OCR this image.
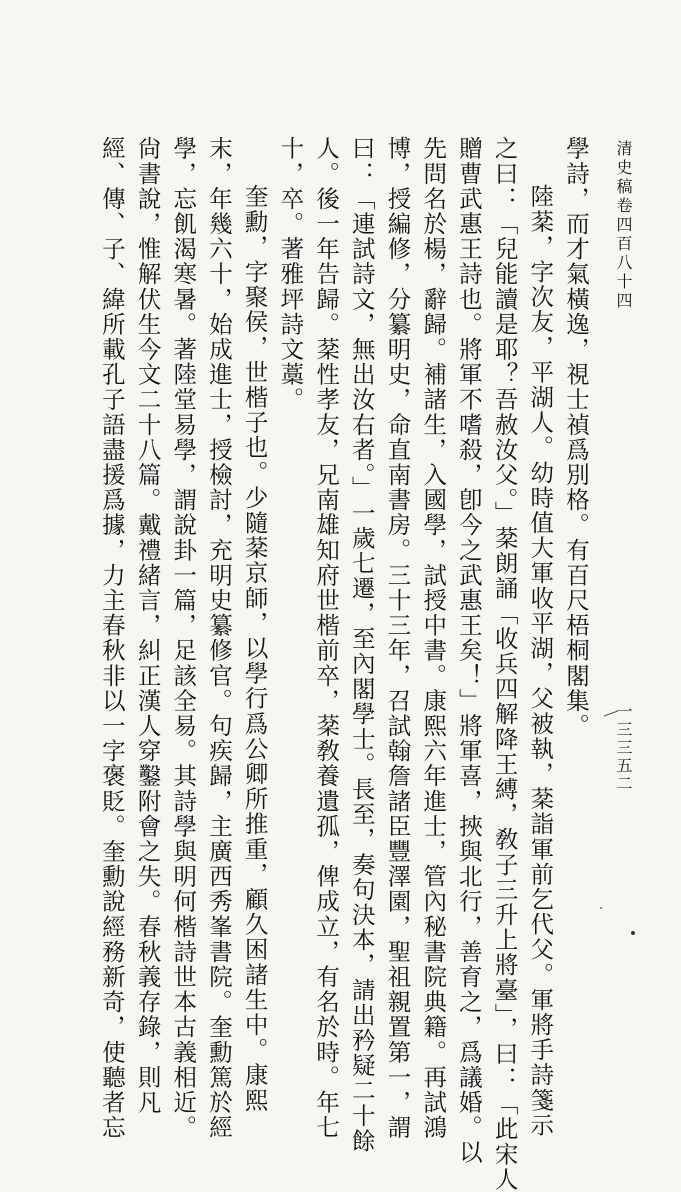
清史稿卷四百八十四
一三三五二
學詩，而才氣橫逸，視士禎爲別格。有百尺梧桐閣集。
陸棻，字次友，平湖人。幼時值大軍收平湖，父被執，棻詣軍前乞代父。軍將手詩箋示
之曰：「兒能讀是耶？吾赦汝父。」棻朗誦「收兵四解降王縛，敎子三升上將臺」，曰：「此宋人
贈曹武惠王詩也。將軍不嗜殺，卽今之武惠王矣！」將軍喜，挾與北行，善育之，爲議婚。以
先問名於楊，辭歸。補諸生，入國學，試授中書。康熙六年進士，管內秘書院典籍。再試鴻
博，授編修，分纂明史，命直南書房。三十三年，召試翰詹諸臣豐澤園，聖祖親置第一，謂
曰：「連試詩文，無出汝右者。」一歲七遷，至內閣學士。長至，奏句決本，請出矜疑二十餘
人。後一年告歸。棻性孝友，兄南雄知府世楷前卒，棻敎養遺孤，俾成立，有名於時。年七
十，卒。著雅坪詩文藁。
奎勳，字聚侯，世楷子也。少隨棻京師，以學行爲公卿所推重，顧久困諸生中。康熙
末，年幾六十，始成進士，授檢討，充明史纂修官。句疾歸，主廣西秀峯書院。奎勳篤於經
學，忘飢渴寒暑。著陸堂易學，謂說卦一篇，足該全易。其詩學與明何楷詩世本古義相近。
尙書說，惟解伏生今文二十八篇。戴禮緒言，糾正漢人穿鑿附會之失。春秋義存錄，則凡
經、傳、子、緯所載孔子語盡援爲據，力主春秋非以一字褒貶。奎勳說經務新奇，使聽者忘
